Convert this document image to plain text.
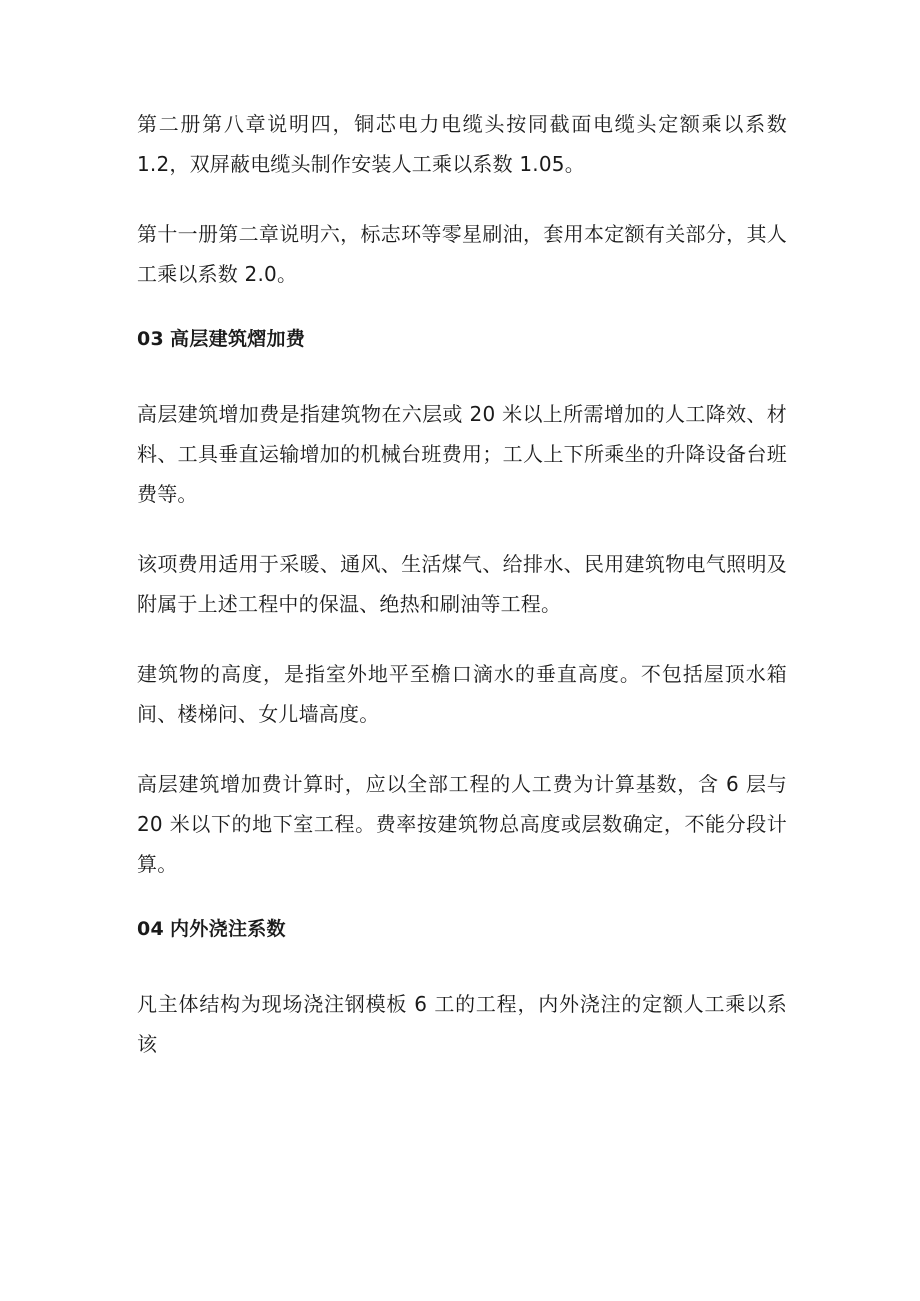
第二册第八章说明四，铜芯电力电缆头按同截面电缆头定额乘以系数 1.2，双屏蔽电缆头制作安装人工乘以系数 1.05。

第十一册第二章说明六，标志环等零星刷油，套用本定额有关部分，其人工乘以系数 2.0。

03 高层建筑熠加费

高层建筑增加费是指建筑物在六层或 20 米以上所需增加的人工降效、材料、工具垂直运输增加的机械台班费用；工人上下所乘坐的升降设备台班费等。

该项费用适用于采暖、通风、生活煤气、给排水、民用建筑物电气照明及附属于上述工程中的保温、绝热和刷油等工程。

建筑物的高度，是指室外地平至檐口滴水的垂直高度。不包括屋顶水箱间、楼梯问、女儿墙高度。

高层建筑增加费计算时，应以全部工程的人工费为计算基数，含 6 层与 20 米以下的地下室工程。费率按建筑物总高度或层数确定，不能分段计算。

04 内外浇注系数

凡主体结构为现场浇注钢模板 6 工的工程，内外浇注的定额人工乘以系该
